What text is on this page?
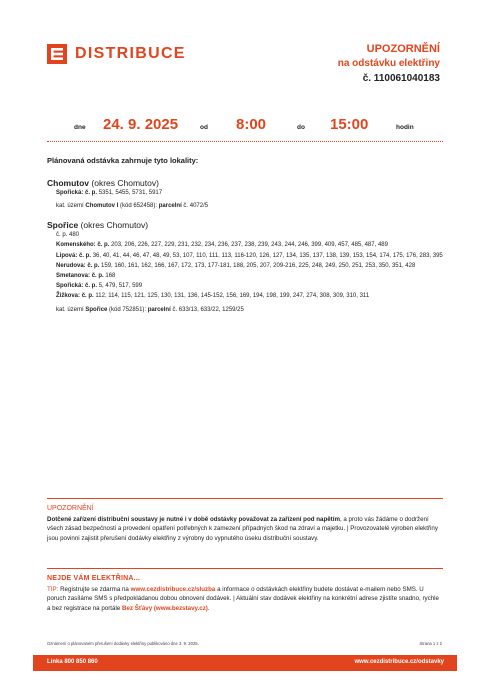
DISTRIBUCE	UPOZORNĚNÍ
na odstávku elektřiny
č. 110061040183
dne 24. 9. 2025	od 8:00	do 15:00	hodin
Plánovaná odstávka zahrnuje tyto lokality:
Chomutov (okres Chomutov)
Spořická: č. p. 5351, 5455, 5731, 5917
kat. území Chomutov I (kód 652458): parcelní č. 4072/5
Spořice (okres Chomutov)
č. p. 480
Komenského: č. p. 203, 206, 226, 227, 229, 231, 232, 234, 236, 237, 238, 239, 243, 244, 246, 399, 409, 457, 485, 487, 489
Lipová: č. p. 36, 40, 41, 44, 46, 47, 48, 49, 53, 107, 110, 111, 113, 116-120, 126, 127, 134, 135, 137, 138, 139, 153, 154, 174, 175, 176, 283, 395
Nerudova: č. p. 159, 160, 161, 162, 166, 167, 172, 173, 177-181, 188, 205, 207, 209-216, 225, 248, 249, 250, 251, 253, 350, 351, 428
Smetanova: č. p. 168
Spořická: č. p. 5, 479, 517, 599
Žižkova: č. p. 112, 114, 115, 121, 125, 130, 131, 136, 145-152, 156, 169, 194, 198, 199, 247, 274, 308, 309, 310, 311
kat. území Spořice (kód 752851): parcelní č. 633/13, 633/22, 1259/25
UPOZORNĚNÍ
Dotčené zařízení distribuční soustavy je nutné i v době odstávky považovat za zařízení pod napětím, a proto vás žádáme o dodržení všech zásad bezpečnosti a provedení opatření potřebných k zamezení případných škod na zdraví a majetku. | Provozovatelé výroben elektřiny jsou povinni zajistit přerušení dodávky elektřiny z výrobny do vypnutého úseku distribuční soustavy.
NEJDE VÁM ELEKTŘINA...
TIP: Registrujte se zdarma na www.cezdistribuce.cz/sluzba a informace o odstávkách elektřiny budete dostávat e-mailem nebo SMS. U poruch zasíláme SMS s předpokládanou dobou obnovení dodávek. | Aktuální stav dodávek elektřiny na konkrétní adrese zjistíte snadno, rychle a bez registrace na portále Bez Šťávy (www.bezstavy.cz).
Oznámení o plánovaném přerušení dodávky elektřiny publikováno dne 3. 9. 2025.	Strana 1 z 2
Linka 800 850 860	www.cezdistribuce.cz/odstavky
